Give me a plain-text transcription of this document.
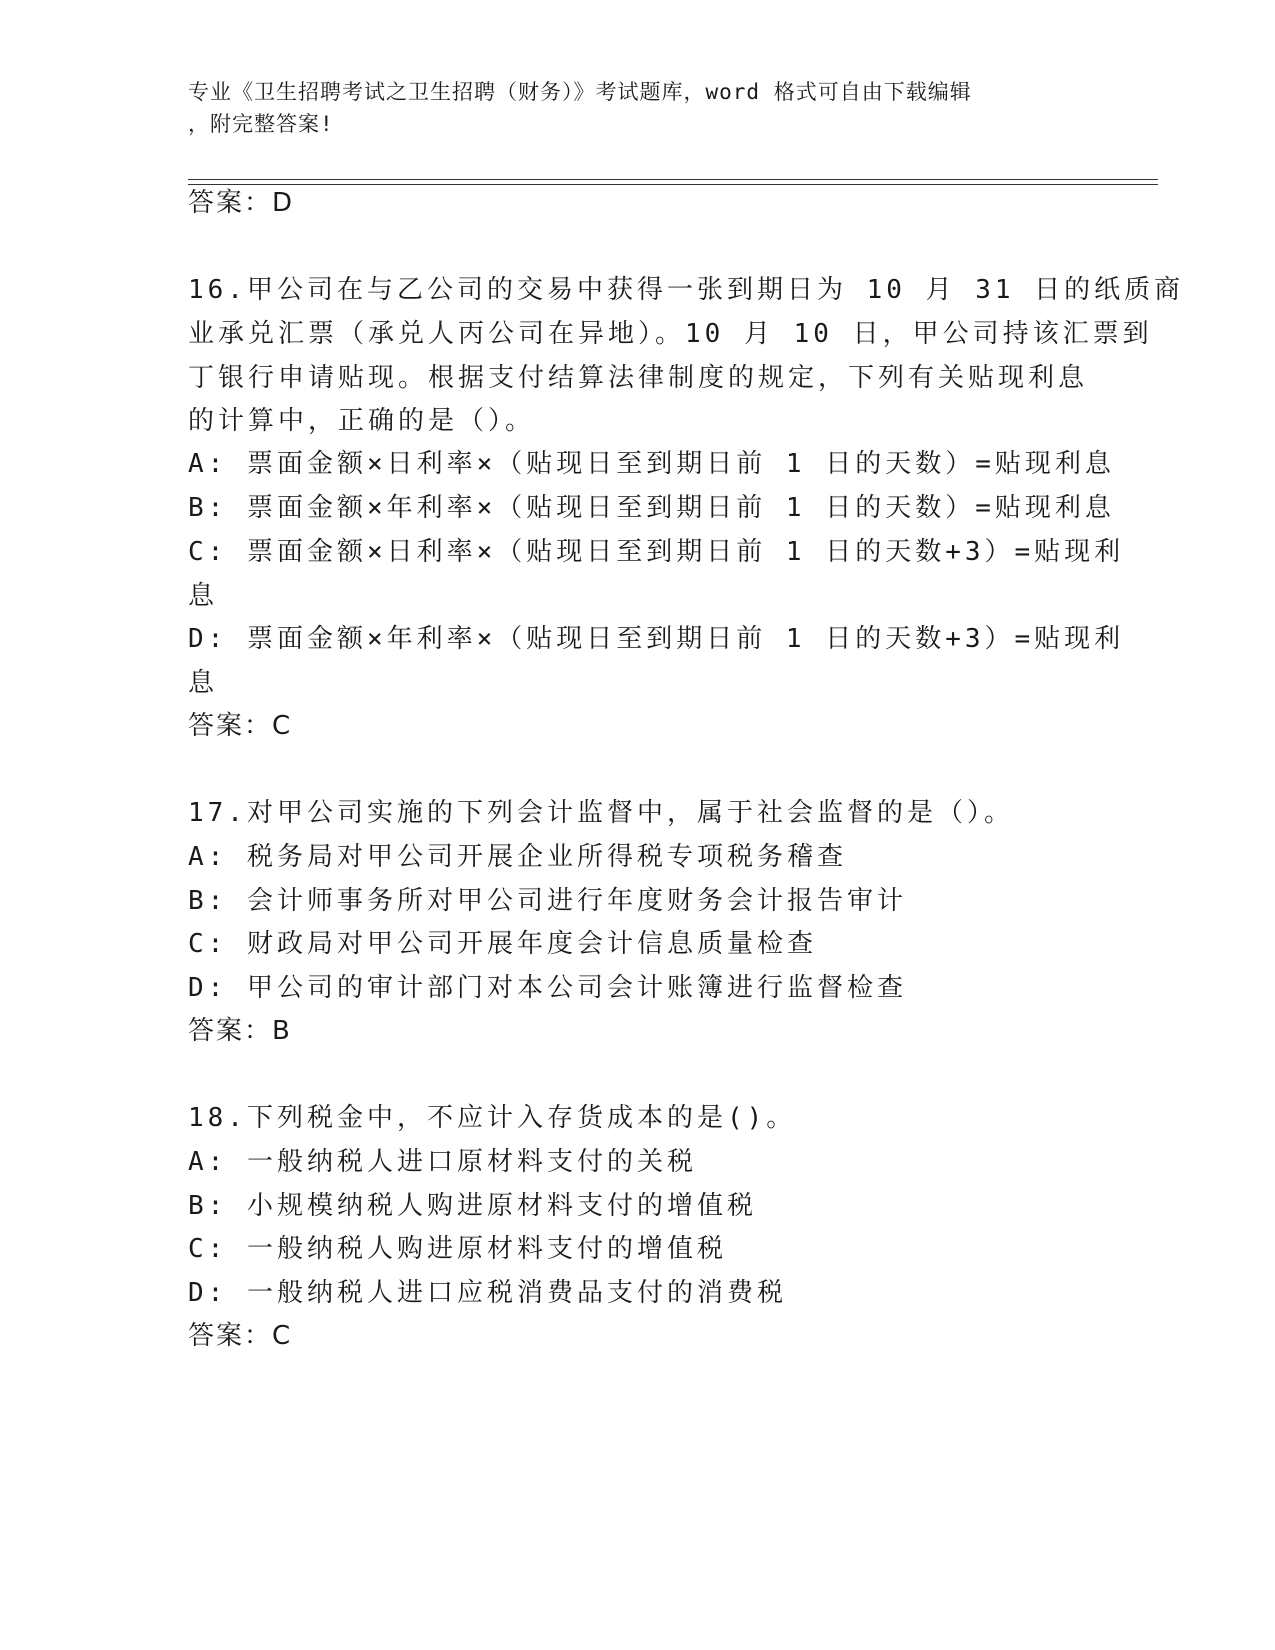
专业《卫生招聘考试之卫生招聘（财务）》考试题库，word 格式可自由下载编辑
，附完整答案!
答案：D
16.甲公司在与乙公司的交易中获得一张到期日为 10 月 31 日的纸质商
业承兑汇票（承兑人丙公司在异地）。10 月 10 日，甲公司持该汇票到
丁银行申请贴现。根据支付结算法律制度的规定，下列有关贴现利息
的计算中，正确的是（）。
A: 票面金额×日利率×（贴现日至到期日前 1 日的天数）=贴现利息
B: 票面金额×年利率×（贴现日至到期日前 1 日的天数）=贴现利息
C: 票面金额×日利率×（贴现日至到期日前 1 日的天数+3）=贴现利
息
D: 票面金额×年利率×（贴现日至到期日前 1 日的天数+3）=贴现利
息
答案：C
17.对甲公司实施的下列会计监督中，属于社会监督的是（）。
A: 税务局对甲公司开展企业所得税专项税务稽查
B: 会计师事务所对甲公司进行年度财务会计报告审计
C: 财政局对甲公司开展年度会计信息质量检查
D: 甲公司的审计部门对本公司会计账簿进行监督检查
答案：B
18.下列税金中，不应计入存货成本的是()。
A: 一般纳税人进口原材料支付的关税
B: 小规模纳税人购进原材料支付的增值税
C: 一般纳税人购进原材料支付的增值税
D: 一般纳税人进口应税消费品支付的消费税
答案：C
